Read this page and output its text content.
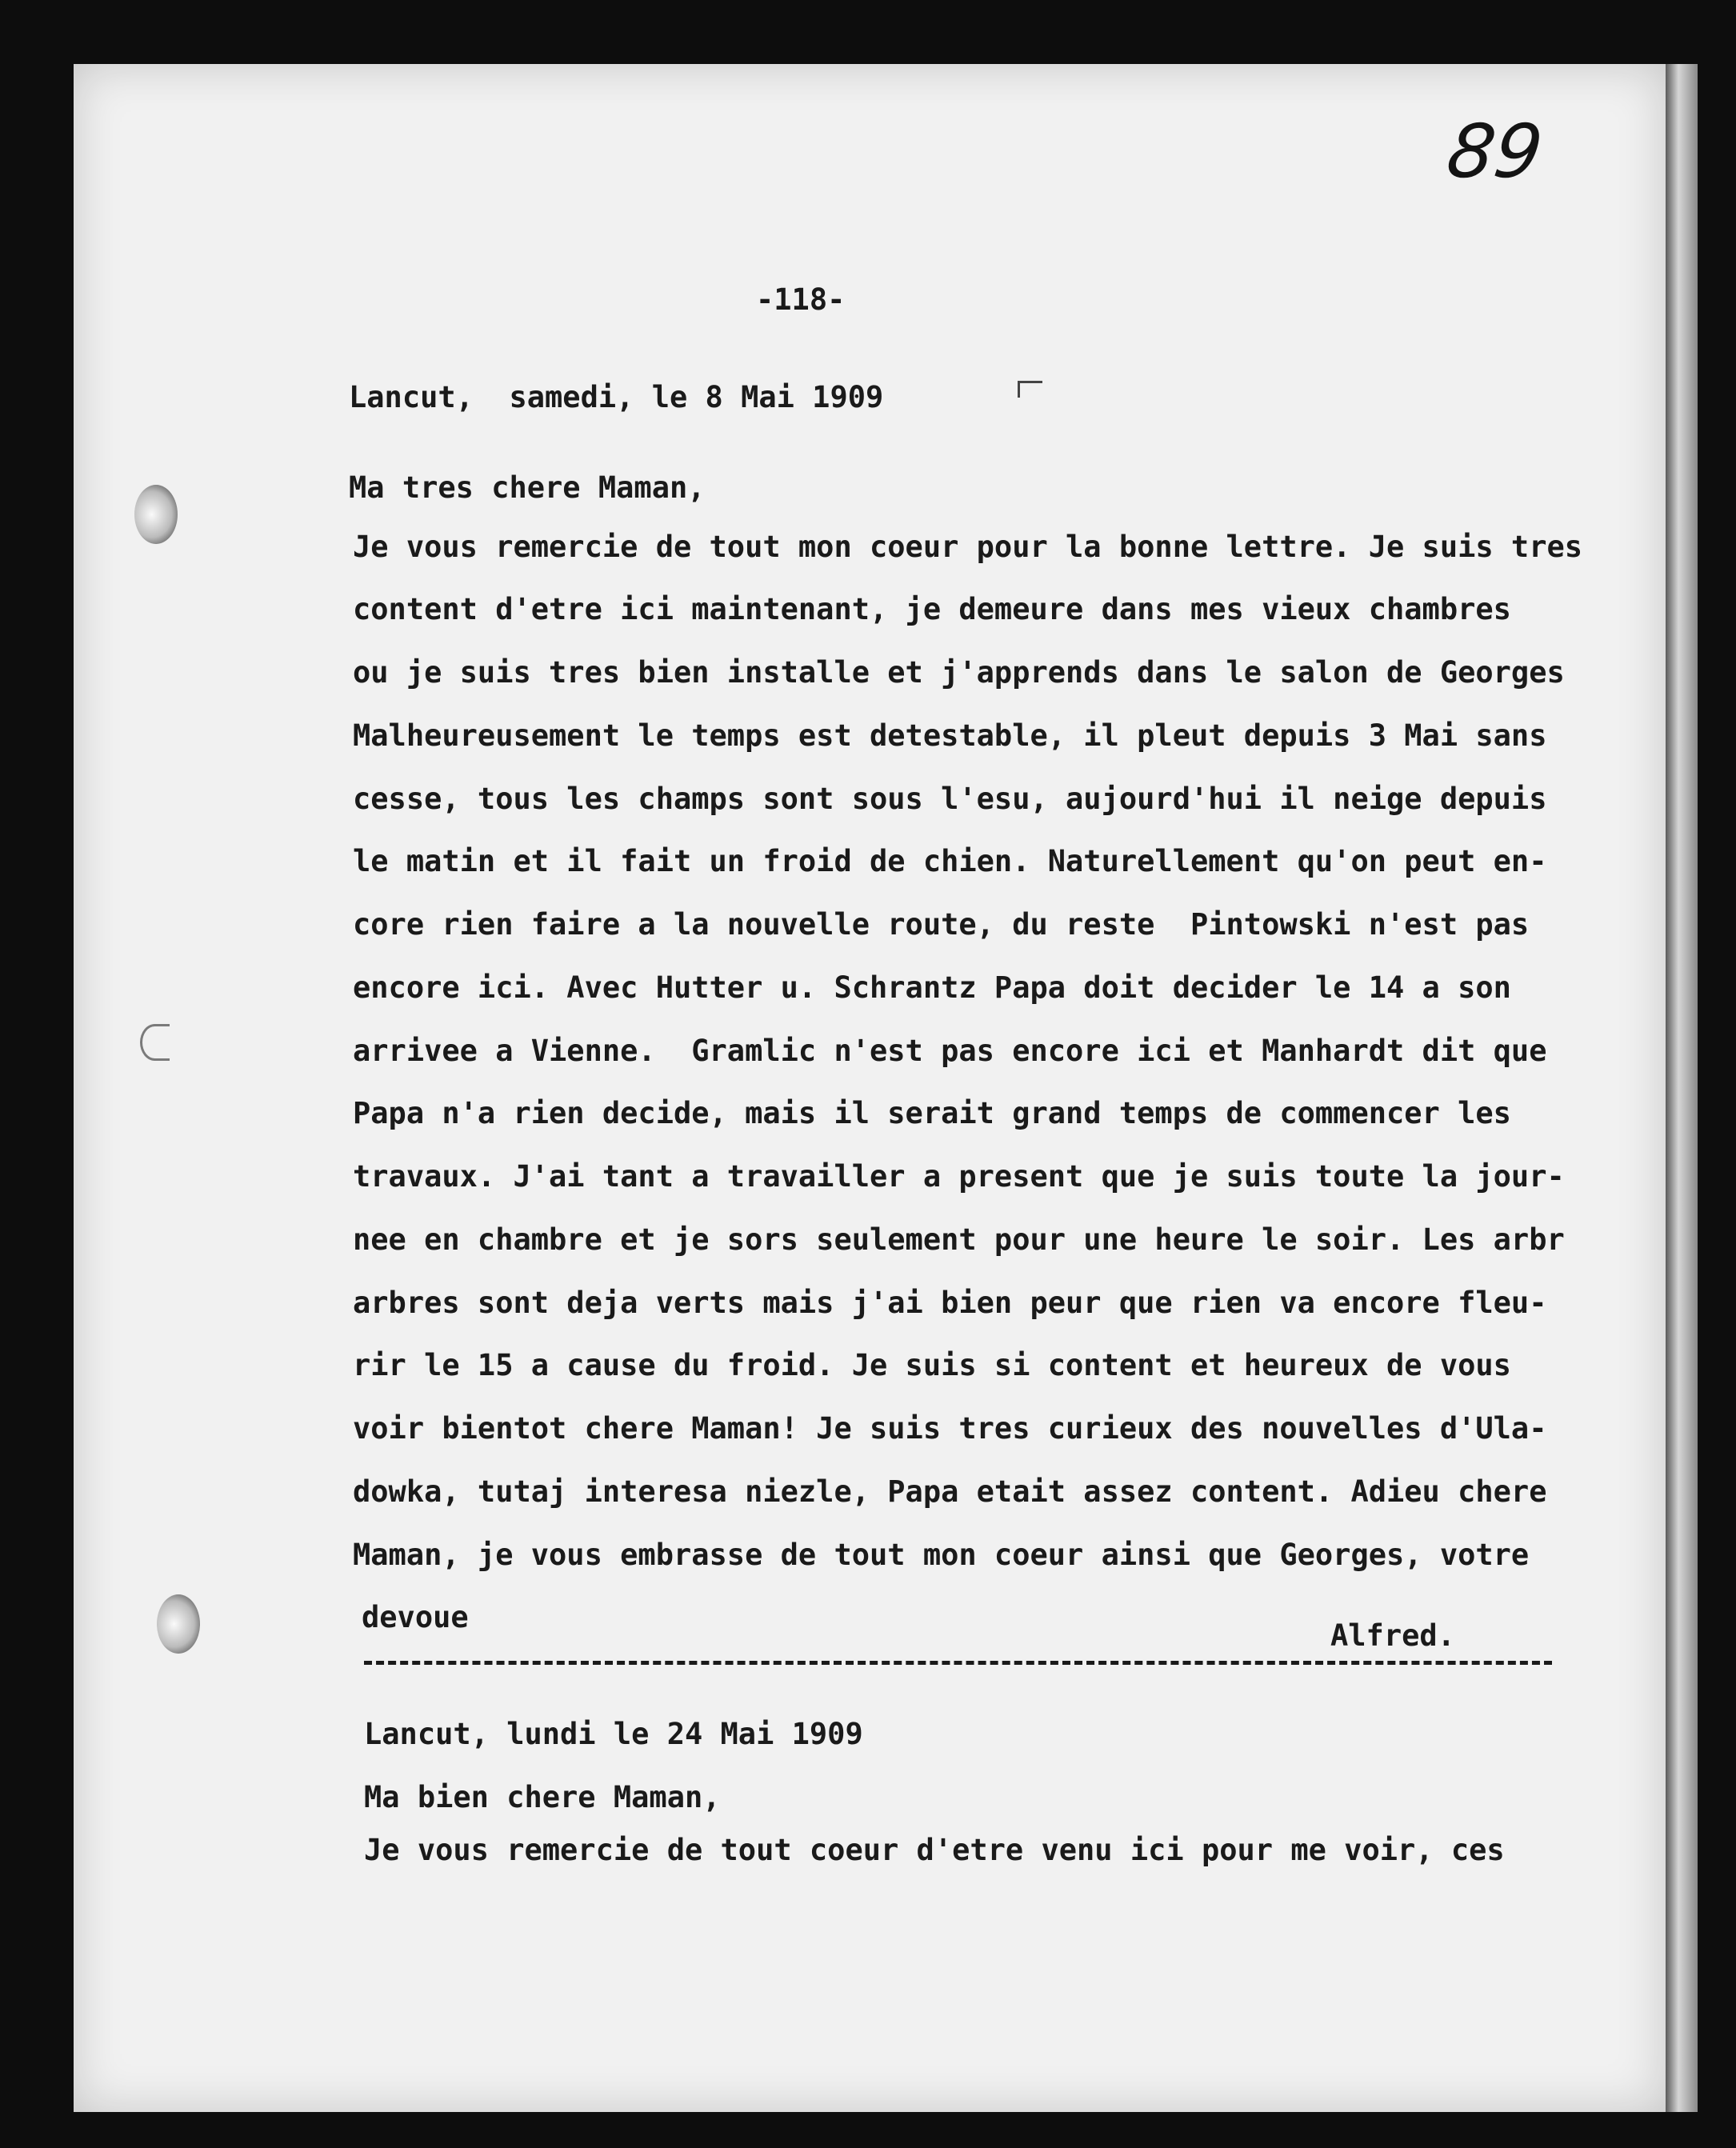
89
-118-
Lancut,  samedi, le 8 Mai 1909
Ma tres chere Maman,
Je vous remercie de tout mon coeur pour la bonne lettre. Je suis tres
content d'etre ici maintenant, je demeure dans mes vieux chambres
ou je suis tres bien installe et j'apprends dans le salon de Georges
Malheureusement le temps est detestable, il pleut depuis 3 Mai sans
cesse, tous les champs sont sous l'esu, aujourd'hui il neige depuis
le matin et il fait un froid de chien. Naturellement qu'on peut en-
core rien faire a la nouvelle route, du reste  Pintowski n'est pas
encore ici. Avec Hutter u. Schrantz Papa doit decider le 14 a son
arrivee a Vienne.  Gramlic n'est pas encore ici et Manhardt dit que
Papa n'a rien decide, mais il serait grand temps de commencer les
travaux. J'ai tant a travailler a present que je suis toute la jour-
nee en chambre et je sors seulement pour une heure le soir. Les arbr
arbres sont deja verts mais j'ai bien peur que rien va encore fleu-
rir le 15 a cause du froid. Je suis si content et heureux de vous
voir bientot chere Maman! Je suis tres curieux des nouvelles d'Ula-
dowka, tutaj interesa niezle, Papa etait assez content. Adieu chere
Maman, je vous embrasse de tout mon coeur ainsi que Georges, votre
devoue
Alfred.
Lancut, lundi le 24 Mai 1909
Ma bien chere Maman,
Je vous remercie de tout coeur d'etre venu ici pour me voir, ces
